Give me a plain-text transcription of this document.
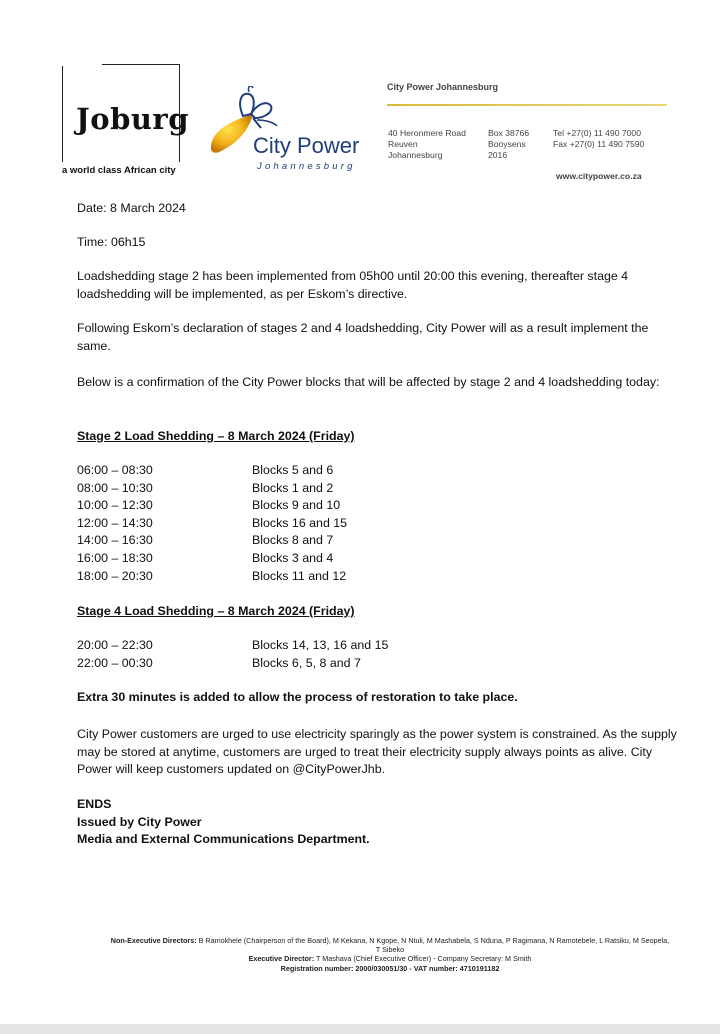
Joburg
a world class African city
City Power
Johannesburg
City Power Johannesburg
40 Heronmere Road
Reuven
Johannesburg
Box 38766
Booysens
2016
Tel +27(0) 11 490 7000
Fax +27(0) 11 490 7590
www.citypower.co.za
Date: 8 March 2024
Time: 06h15
Loadshedding stage 2 has been implemented from 05h00 until 20:00 this evening, thereafter stage 4 loadshedding will be implemented, as per Eskom’s directive.
Following Eskom’s declaration of stages 2 and 4 loadshedding, City Power will as a result implement the same.
Below is a confirmation of the City Power blocks that will be affected by stage 2 and 4 loadshedding today:
Stage 2 Load Shedding – 8 March 2024 (Friday)
06:00 – 08:30	Blocks 5 and 6
08:00 – 10:30	Blocks 1 and 2
10:00 – 12:30	Blocks 9 and 10
12:00 – 14:30	Blocks 16 and 15
14:00 – 16:30	Blocks 8 and 7
16:00 – 18:30	Blocks 3 and 4
18:00 – 20:30	Blocks 11 and 12
Stage 4 Load Shedding – 8 March 2024 (Friday)
20:00 – 22:30	Blocks 14, 13, 16 and 15
22:00 – 00:30	Blocks 6, 5, 8 and 7
Extra 30 minutes is added to allow the process of restoration to take place.
City Power customers are urged to use electricity sparingly as the power system is constrained. As the supply may be stored at anytime, customers are urged to treat their electricity supply always points as alive. City Power will keep customers updated on @CityPowerJhb.
ENDS
Issued by City Power
Media and External Communications Department.
Non-Executive Directors: B Ramokhele (Chairperson of the Board), M Kekana, N Kgope, N Ntuli, M Mashabela, S Nduna, P Ragimana, N Ramotebele, L Ratsiku, M Seopela, T Sibeko
Executive Director: T Mashava (Chief Executive Officer) - Company Secretary: M Smith
Registration number: 2000/030051/30 - VAT number: 4710191182
